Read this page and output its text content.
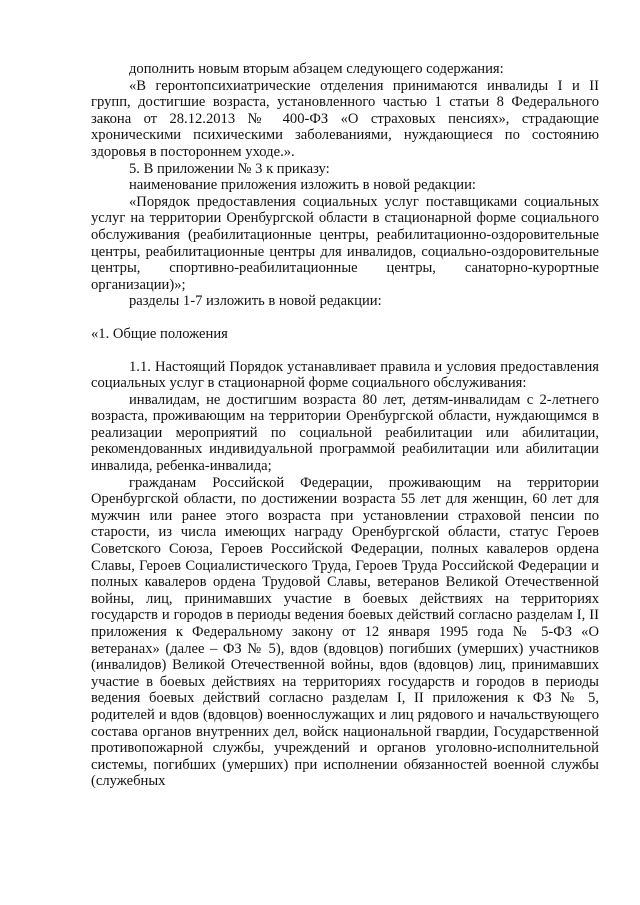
дополнить новым вторым абзацем следующего содержания:

«В геронтопсихиатрические отделения принимаются инвалиды I и II групп, достигшие возраста, установленного частью 1 статьи 8 Федерального закона от 28.12.2013 № 400-ФЗ «О страховых пенсиях», страдающие хроническими психическими заболеваниями, нуждающиеся по состоянию здоровья в постороннем уходе.».

5. В приложении № 3 к приказу:

наименование приложения изложить в новой редакции:

«Порядок предоставления социальных услуг поставщиками социальных услуг на территории Оренбургской области в стационарной форме социального обслуживания (реабилитационные центры, реабилитационно-оздоровительные центры, реабилитационные центры для инвалидов, социально-оздоровительные центры, спортивно-реабилитационные центры, санаторно-курортные организации)»;

разделы 1-7 изложить в новой редакции:

«1. Общие положения

1.1. Настоящий Порядок устанавливает правила и условия предоставления социальных услуг в стационарной форме социального обслуживания:

инвалидам, не достигшим возраста 80 лет, детям-инвалидам с 2-летнего возраста, проживающим на территории Оренбургской области, нуждающимся в реализации мероприятий по социальной реабилитации или абилитации, рекомендованных индивидуальной программой реабилитации или абилитации инвалида, ребенка-инвалида;

гражданам Российской Федерации, проживающим на территории Оренбургской области, по достижении возраста 55 лет для женщин, 60 лет для мужчин или ранее этого возраста при установлении страховой пенсии по старости, из числа имеющих награду Оренбургской области, статус Героев Советского Союза, Героев Российской Федерации, полных кавалеров ордена Славы, Героев Социалистического Труда, Героев Труда Российской Федерации и полных кавалеров ордена Трудовой Славы, ветеранов Великой Отечественной войны, лиц, принимавших участие в боевых действиях на территориях государств и городов в периоды ведения боевых действий согласно разделам I, II приложения к Федеральному закону от 12 января 1995 года № 5-ФЗ «О ветеранах» (далее – ФЗ № 5), вдов (вдовцов) погибших (умерших) участников (инвалидов) Великой Отечественной войны, вдов (вдовцов) лиц, принимавших участие в боевых действиях на территориях государств и городов в периоды ведения боевых действий согласно разделам I, II приложения к ФЗ № 5, родителей и вдов (вдовцов) военнослужащих и лиц рядового и начальствующего состава органов внутренних дел, войск национальной гвардии, Государственной противопожарной службы, учреждений и органов уголовно-исполнительной системы, погибших (умерших) при исполнении обязанностей военной службы (служебных
